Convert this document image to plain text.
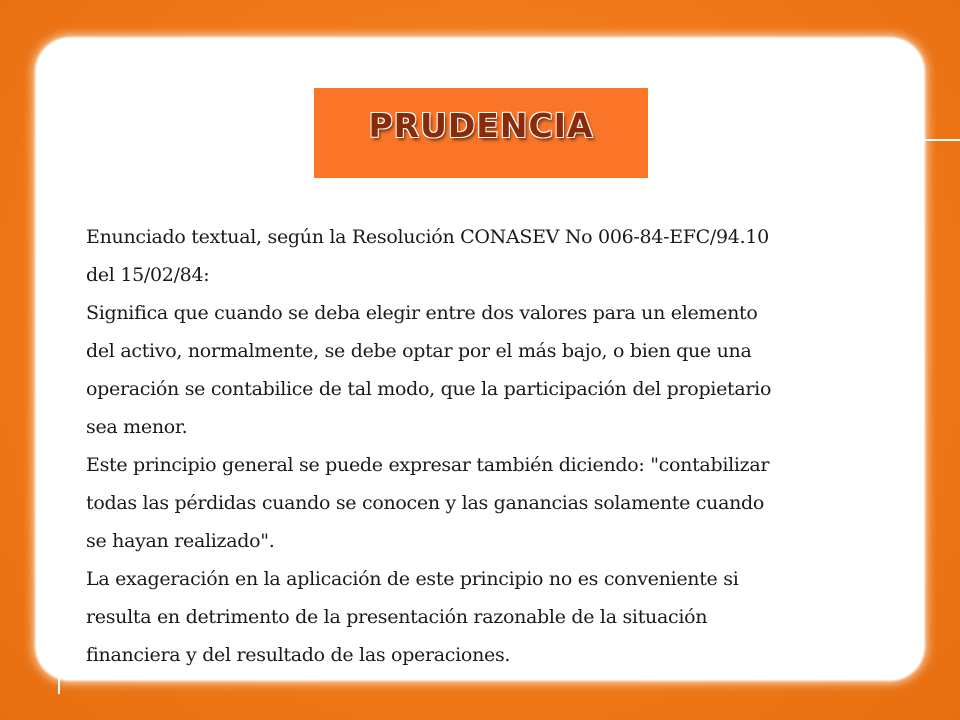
PRUDENCIA

Enunciado textual, según la Resolución CONASEV No 006-84-EFC/94.10
del 15/02/84:

Significa que cuando se deba elegir entre dos valores para un elemento
del activo, normalmente, se debe optar por el más bajo, o bien que una
operación se contabilice de tal modo, que la participación del propietario
sea menor.

Este principio general se puede expresar también diciendo: "contabilizar
todas las pérdidas cuando se conocen y las ganancias solamente cuando
se hayan realizado".

La exageración en la aplicación de este principio no es conveniente si
resulta en detrimento de la presentación razonable de la situación
financiera y del resultado de las operaciones.
